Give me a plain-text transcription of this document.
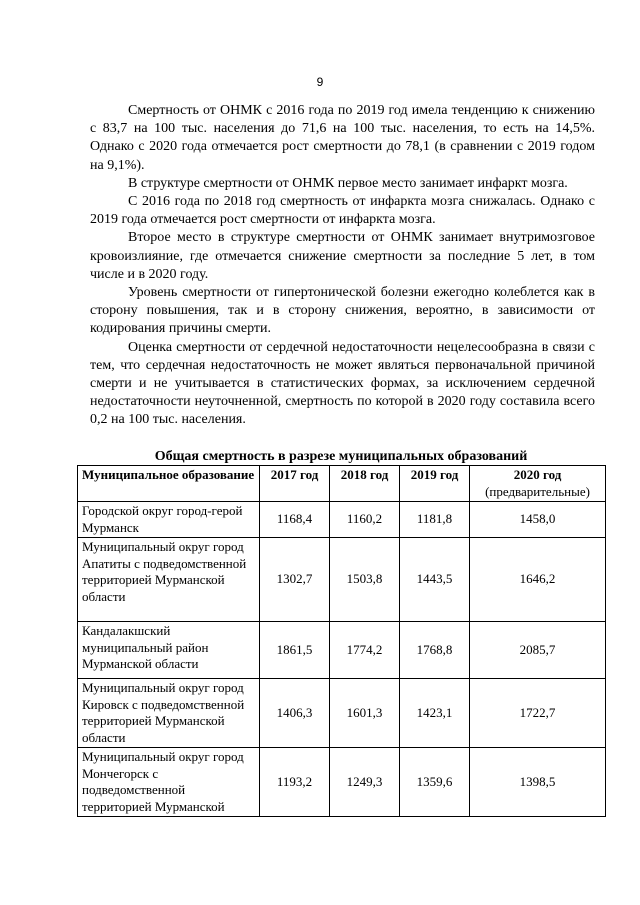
9

Смертность от ОНМК с 2016 года по 2019 год имела тенденцию к снижению с 83,7 на 100 тыс. населения до 71,6 на 100 тыс. населения, то есть на 14,5%. Однако с 2020 года отмечается рост смертности до 78,1 (в сравнении с 2019 годом на 9,1%).

В структуре смертности от ОНМК первое место занимает инфаркт мозга.

С 2016 года по 2018 год смертность от инфаркта мозга снижалась. Однако с 2019 года отмечается рост смертности от инфаркта мозга.

Второе место в структуре смертности от ОНМК занимает внутримозговое кровоизлияние, где отмечается снижение смертности за последние 5 лет, в том числе и в 2020 году.

Уровень смертности от гипертонической болезни ежегодно колеблется как в сторону повышения, так и в сторону снижения, вероятно, в зависимости от кодирования причины смерти.

Оценка смертности от сердечной недостаточности нецелесообразна в связи с тем, что сердечная недостаточность не может являться первоначальной причиной смерти и не учитывается в статистических формах, за исключением сердечной недостаточности неуточненной, смертность по которой в 2020 году составила всего 0,2 на 100 тыс. населения.

Общая смертность в разрезе муниципальных образований
Муниципальное образование	2017 год	2018 год	2019 год	2020 год
(предварительные)

Городской округ город-герой Мурманск	1168,4	1160,2	1181,8	1458,0
Муниципальный округ город Апатиты с подведомственной территорией Мурманской области	1302,7	1503,8	1443,5	1646,2
Кандалакшский муниципальный район Мурманской области	1861,5	1774,2	1768,8	2085,7
Муниципальный округ город Кировск с подведомственной территорией Мурманской области	1406,3	1601,3	1423,1	1722,7
Муниципальный округ город Мончегорск с подведомственной территорией Мурманской	1193,2	1249,3	1359,6	1398,5
